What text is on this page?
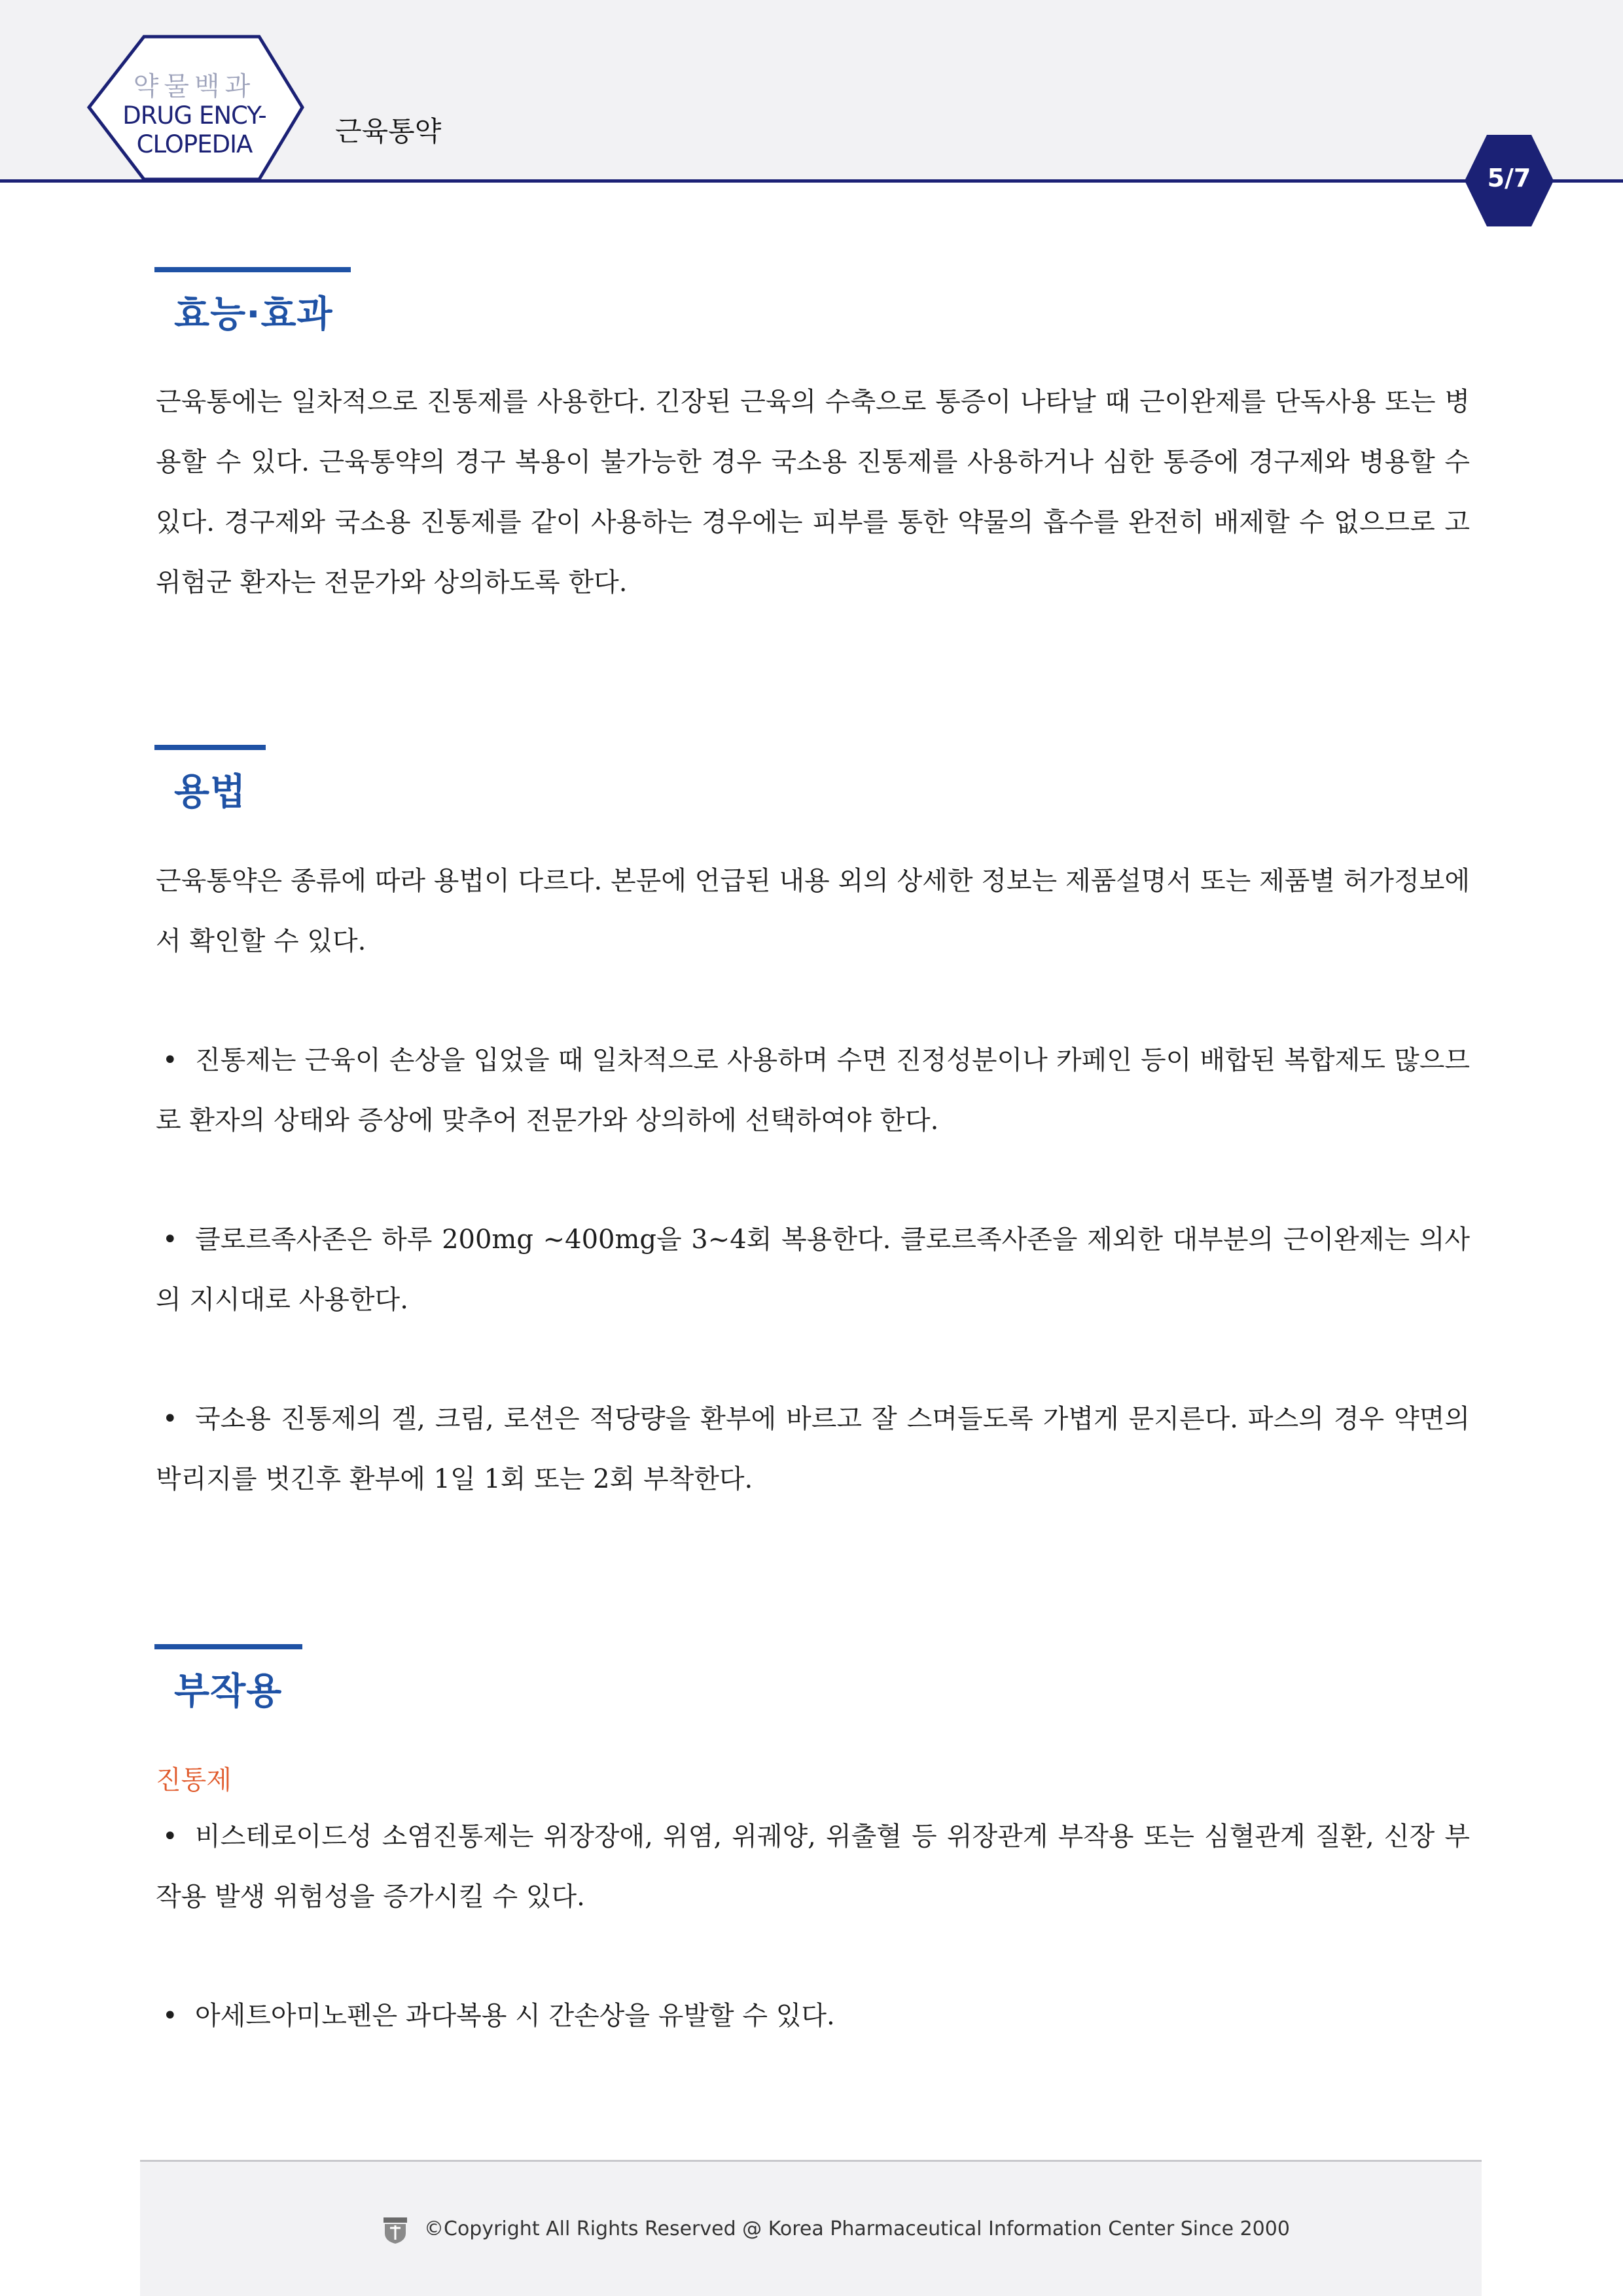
약물백과
DRUG ENCY-
CLOPEDIA	근육통약
5/7
효능·효과

근육통에는 일차적으로 진통제를 사용한다. 긴장된 근육의 수축으로 통증이 나타날 때 근이완제를 단독사용 또는 병용할 수 있다. 근육통약의 경구 복용이 불가능한 경우 국소용 진통제를 사용하거나 심한 통증에 경구제와 병용할 수 있다. 경구제와 국소용 진통제를 같이 사용하는 경우에는 피부를 통한 약물의 흡수를 완전히 배제할 수 없으므로 고위험군 환자는 전문가와 상의하도록 한다.

용법

근육통약은 종류에 따라 용법이 다르다. 본문에 언급된 내용 외의 상세한 정보는 제품설명서 또는 제품별 허가정보에서 확인할 수 있다.

• 진통제는 근육이 손상을 입었을 때 일차적으로 사용하며 수면 진정성분이나 카페인 등이 배합된 복합제도 많으므로 환자의 상태와 증상에 맞추어 전문가와 상의하에 선택하여야 한다.

• 클로르족사존은 하루 200mg ~400mg을 3~4회 복용한다. 클로르족사존을 제외한 대부분의 근이완제는 의사의 지시대로 사용한다.

• 국소용 진통제의 겔, 크림, 로션은 적당량을 환부에 바르고 잘 스며들도록 가볍게 문지른다. 파스의 경우 약면의 박리지를 벗긴후 환부에 1일 1회 또는 2회 부착한다.

부작용
진통제

• 비스테로이드성 소염진통제는 위장장애, 위염, 위궤양, 위출혈 등 위장관계 부작용 또는 심혈관계 질환, 신장 부작용 발생 위험성을 증가시킬 수 있다.

• 아세트아미노펜은 과다복용 시 간손상을 유발할 수 있다.

©Copyright All Rights Reserved @ Korea Pharmaceutical Information Center Since 2000
